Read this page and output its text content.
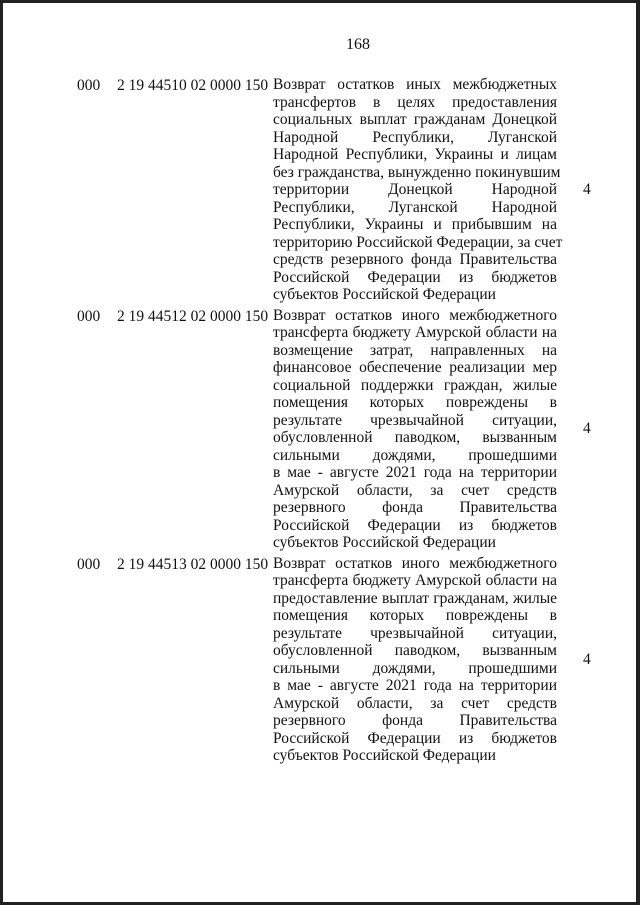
168
000 2 19 44510 02 0000 150 Возврат остатков иных межбюджетных
трансфертов в целях предоставления
социальных выплат гражданам Донецкой
Народной Республики, Луганской
Народной Республики, Украины и лицам
без гражданства, вынужденно покинувшим
территории Донецкой Народной
Республики, Луганской Народной
Республики, Украины и прибывшим на
территорию Российской Федерации, за счет
средств резервного фонда Правительства
Российской Федерации из бюджетов
субъектов Российской Федерации
4
000 2 19 44512 02 0000 150 Возврат остатков иного межбюджетного
трансферта бюджету Амурской области на
возмещение затрат, направленных на
финансовое обеспечение реализации мер
социальной поддержки граждан, жилые
помещения которых повреждены в
результате чрезвычайной ситуации,
обусловленной паводком, вызванным
сильными дождями, прошедшими
в мае - августе 2021 года на территории
Амурской области, за счет средств
резервного фонда Правительства
Российской Федерации из бюджетов
субъектов Российской Федерации
4
000 2 19 44513 02 0000 150 Возврат остатков иного межбюджетного
трансферта бюджету Амурской области на
предоставление выплат гражданам, жилые
помещения которых повреждены в
результате чрезвычайной ситуации,
обусловленной паводком, вызванным
сильными дождями, прошедшими
в мае - августе 2021 года на территории
Амурской области, за счет средств
резервного фонда Правительства
Российской Федерации из бюджетов
субъектов Российской Федерации
4
